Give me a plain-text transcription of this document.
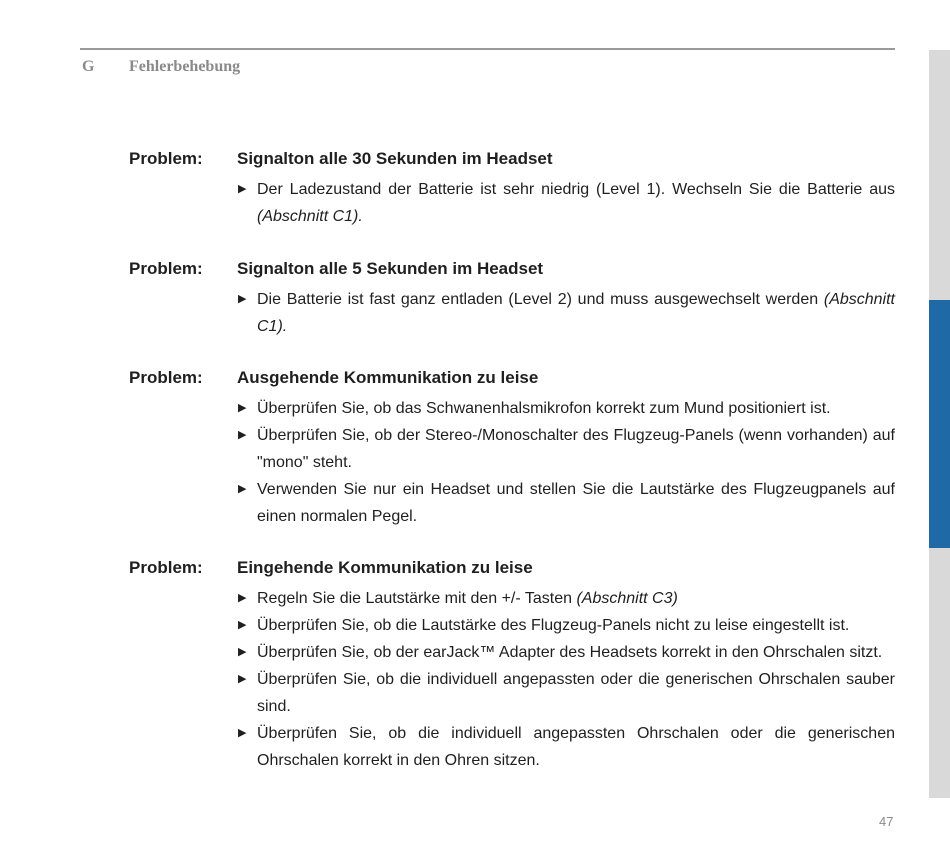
G Fehlerbehebung
Problem: Signalton alle 30 Sekunden im Headset

▶ Der Ladezustand der Batterie ist sehr niedrig (Level 1). Wechseln Sie die Batterie aus (Abschnitt C1).

Problem: Signalton alle 5 Sekunden im Headset

▶ Die Batterie ist fast ganz entladen (Level 2) und muss ausgewechselt werden (Abschnitt C1).

Problem: Ausgehende Kommunikation zu leise

▶ Überprüfen Sie, ob das Schwanenhalsmikrofon korrekt zum Mund positioniert ist.

▶ Überprüfen Sie, ob der Stereo-/Monoschalter des Flugzeug-Panels (wenn vorhanden) auf "mono" steht.

▶ Verwenden Sie nur ein Headset und stellen Sie die Lautstärke des Flugzeugpanels auf einen normalen Pegel.

Problem: Eingehende Kommunikation zu leise

▶ Regeln Sie die Lautstärke mit den +/- Tasten (Abschnitt C3)

▶ Überprüfen Sie, ob die Lautstärke des Flugzeug-Panels nicht zu leise eingestellt ist.

▶ Überprüfen Sie, ob der earJack™ Adapter des Headsets korrekt in den Ohrschalen sitzt.

▶ Überprüfen Sie, ob die individuell angepassten oder die generischen Ohrschalen sauber sind.

▶ Überprüfen Sie, ob die individuell angepassten Ohrschalen oder die generischen Ohrschalen korrekt in den Ohren sitzen.

47
